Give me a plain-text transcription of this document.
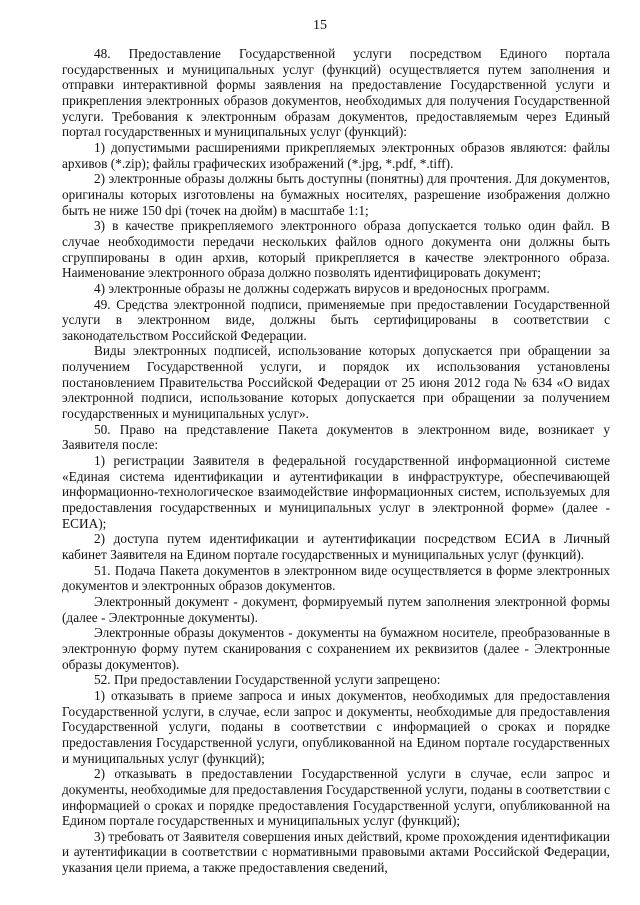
15

48. Предоставление Государственной услуги посредством Единого портала государственных и муниципальных услуг (функций) осуществляется путем заполнения и отправки интерактивной формы заявления на предоставление Государственной услуги и прикрепления электронных образов документов, необходимых для получения Государственной услуги. Требования к электронным образам документов, предоставляемым через Единый портал государственных и муниципальных услуг (функций):

1) допустимыми расширениями прикрепляемых электронных образов являются: файлы архивов (*.zip); файлы графических изображений (*.jpg, *.pdf, *.tiff).

2) электронные образы должны быть доступны (понятны) для прочтения. Для документов, оригиналы которых изготовлены на бумажных носителях, разрешение изображения должно быть не ниже 150 dpi (точек на дюйм) в масштабе 1:1;

3) в качестве прикрепляемого электронного образа допускается только один файл. В случае необходимости передачи нескольких файлов одного документа они должны быть сгруппированы в один архив, который прикрепляется в качестве электронного образа. Наименование электронного образа должно позволять идентифицировать документ;

4) электронные образы не должны содержать вирусов и вредоносных программ.

49. Средства электронной подписи, применяемые при предоставлении Государственной услуги в электронном виде, должны быть сертифицированы в соответствии с законодательством Российской Федерации.

Виды электронных подписей, использование которых допускается при обращении за получением Государственной услуги, и порядок их использования установлены постановлением Правительства Российской Федерации от 25 июня 2012 года № 634 «О видах электронной подписи, использование которых допускается при обращении за получением государственных и муниципальных услуг».

50. Право на представление Пакета документов в электронном виде, возникает у Заявителя после:

1) регистрации Заявителя в федеральной государственной информационной системе «Единая система идентификации и аутентификации в инфраструктуре, обеспечивающей информационно-технологическое взаимодействие информационных систем, используемых для предоставления государственных и муниципальных услуг в электронной форме» (далее - ЕСИА);

2) доступа путем идентификации и аутентификации посредством ЕСИА в Личный кабинет Заявителя на Едином портале государственных и муниципальных услуг (функций).

51. Подача Пакета документов в электронном виде осуществляется в форме электронных документов и электронных образов документов.

Электронный документ - документ, формируемый путем заполнения электронной формы (далее - Электронные документы).

Электронные образы документов - документы на бумажном носителе, преобразованные в электронную форму путем сканирования с сохранением их реквизитов (далее - Электронные образы документов).

52. При предоставлении Государственной услуги запрещено:

1) отказывать в приеме запроса и иных документов, необходимых для предоставления Государственной услуги, в случае, если запрос и документы, необходимые для предоставления Государственной услуги, поданы в соответствии с информацией о сроках и порядке предоставления Государственной услуги, опубликованной на Едином портале государственных и муниципальных услуг (функций);

2) отказывать в предоставлении Государственной услуги в случае, если запрос и документы, необходимые для предоставления Государственной услуги, поданы в соответствии с информацией о сроках и порядке предоставления Государственной услуги, опубликованной на Едином портале государственных и муниципальных услуг (функций);

3) требовать от Заявителя совершения иных действий, кроме прохождения идентификации и аутентификации в соответствии с нормативными правовыми актами Российской Федерации, указания цели приема, а также предоставления сведений,
